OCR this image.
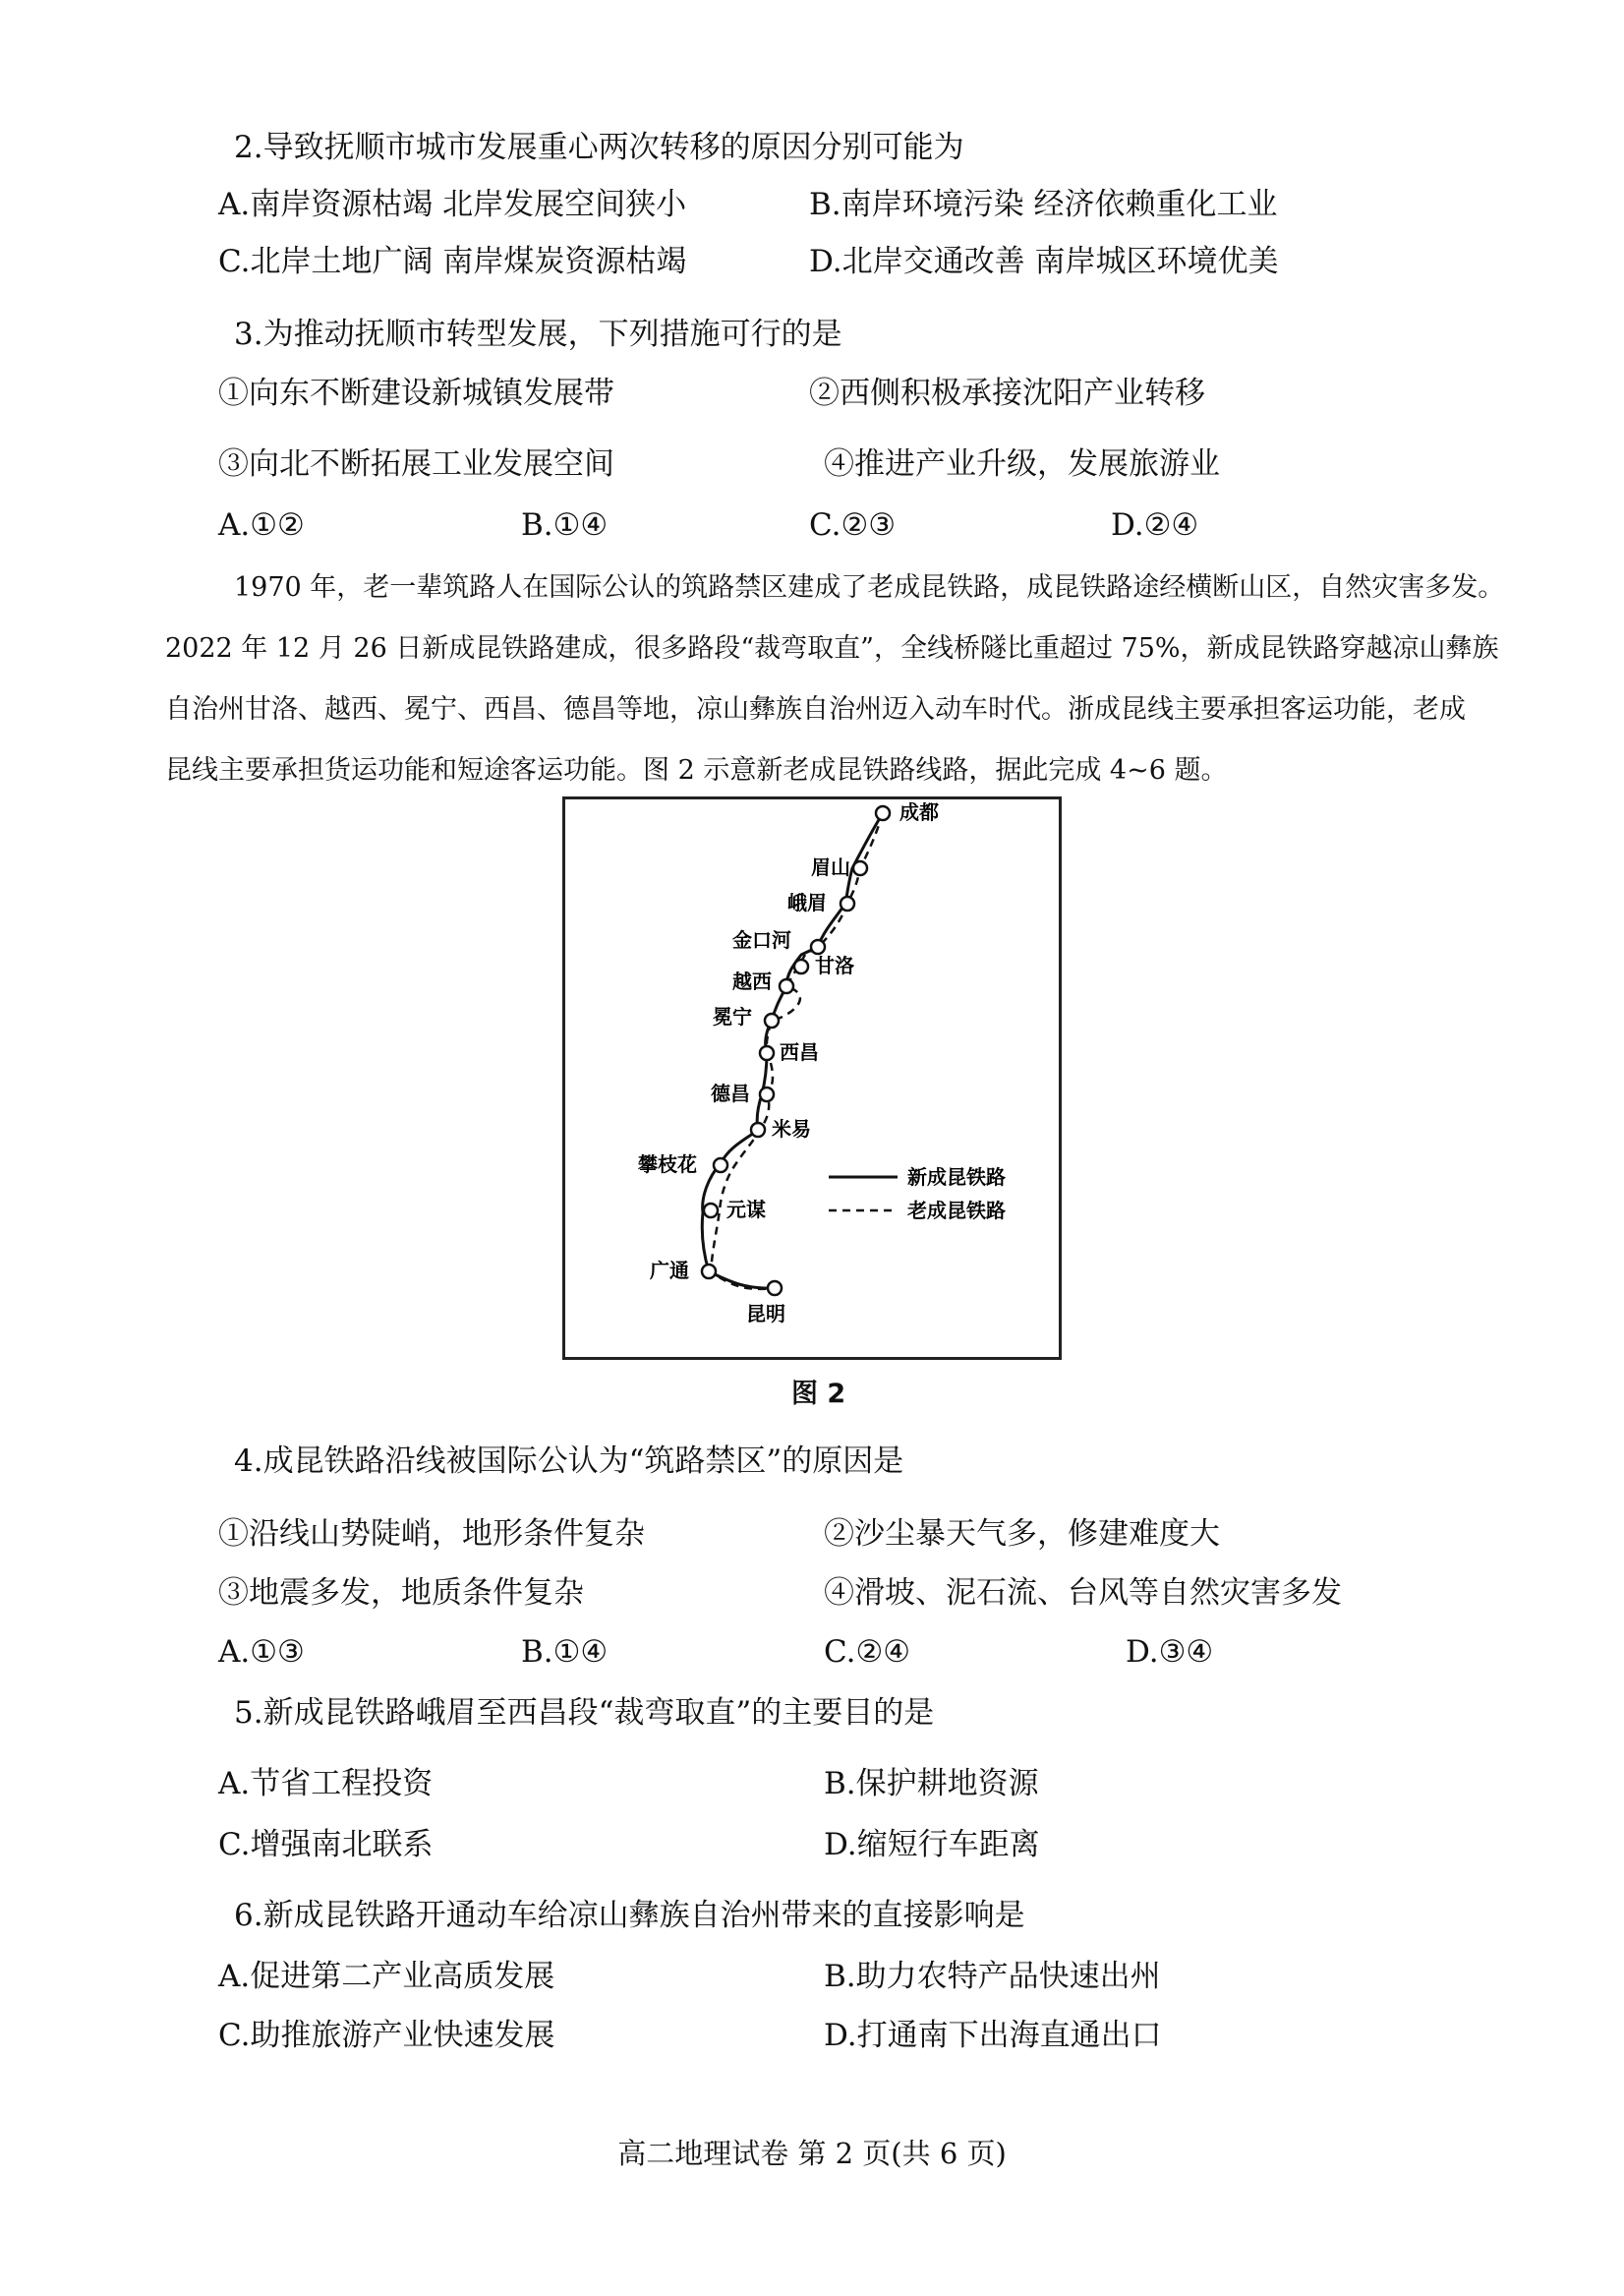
2.导致抚顺市城市发展重心两次转移的原因分别可能为
A.南岸资源枯竭 北岸发展空间狭小	B.南岸环境污染 经济依赖重化工业
C.北岸土地广阔 南岸煤炭资源枯竭	D.北岸交通改善 南岸城区环境优美
3.为推动抚顺市转型发展，下列措施可行的是
①向东不断建设新城镇发展带	②西侧积极承接沈阳产业转移
③向北不断拓展工业发展空间	④推进产业升级，发展旅游业
A.①②	B.①④	C.②③	D.②④
1970 年，老一辈筑路人在国际公认的筑路禁区建成了老成昆铁路，成昆铁路途经横断山区，自然灾害多发。
2022 年 12 月 26 日新成昆铁路建成，很多路段“裁弯取直”，全线桥隧比重超过 75%，新成昆铁路穿越凉山彝族
自治州甘洛、越西、冕宁、西昌、德昌等地，凉山彝族自治州迈入动车时代。浙成昆线主要承担客运功能，老成
昆线主要承担货运功能和短途客运功能。图 2 示意新老成昆铁路线路，据此完成 4~6 题。
成都
眉山
峨眉
金口河
甘洛
越西
冕宁
西昌
德昌
米易
攀枝花
元谋
广通
昆明
新成昆铁路
老成昆铁路
图 2
4.成昆铁路沿线被国际公认为“筑路禁区”的原因是
①沿线山势陡峭，地形条件复杂	②沙尘暴天气多，修建难度大
③地震多发，地质条件复杂	④滑坡、泥石流、台风等自然灾害多发
A.①③	B.①④	C.②④	D.③④
5.新成昆铁路峨眉至西昌段“裁弯取直”的主要目的是
A.节省工程投资	B.保护耕地资源
C.增强南北联系	D.缩短行车距离
6.新成昆铁路开通动车给凉山彝族自治州带来的直接影响是
A.促进第二产业高质发展	B.助力农特产品快速出州
C.助推旅游产业快速发展	D.打通南下出海直通出口
高二地理试卷 第 2 页(共 6 页)
